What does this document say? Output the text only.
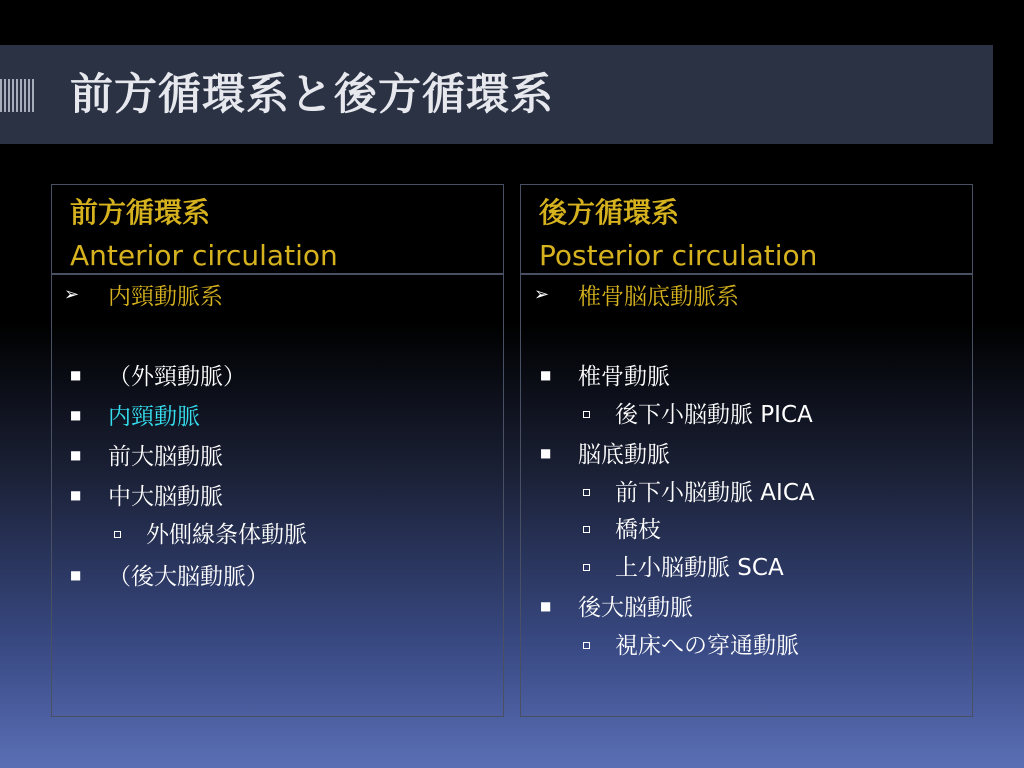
前方循環系と後方循環系
前方循環系
Anterior circulation
➢ 内頸動脈系
■ （外頸動脈）
■ 内頸動脈
■ 前大脳動脈
■ 中大脳動脈
外側線条体動脈
■ （後大脳動脈）
後方循環系
Posterior circulation
➢ 椎骨脳底動脈系
■ 椎骨動脈
後下小脳動脈 PICA
■ 脳底動脈
前下小脳動脈 AICA
橋枝
上小脳動脈 SCA
■ 後大脳動脈
視床への穿通動脈
